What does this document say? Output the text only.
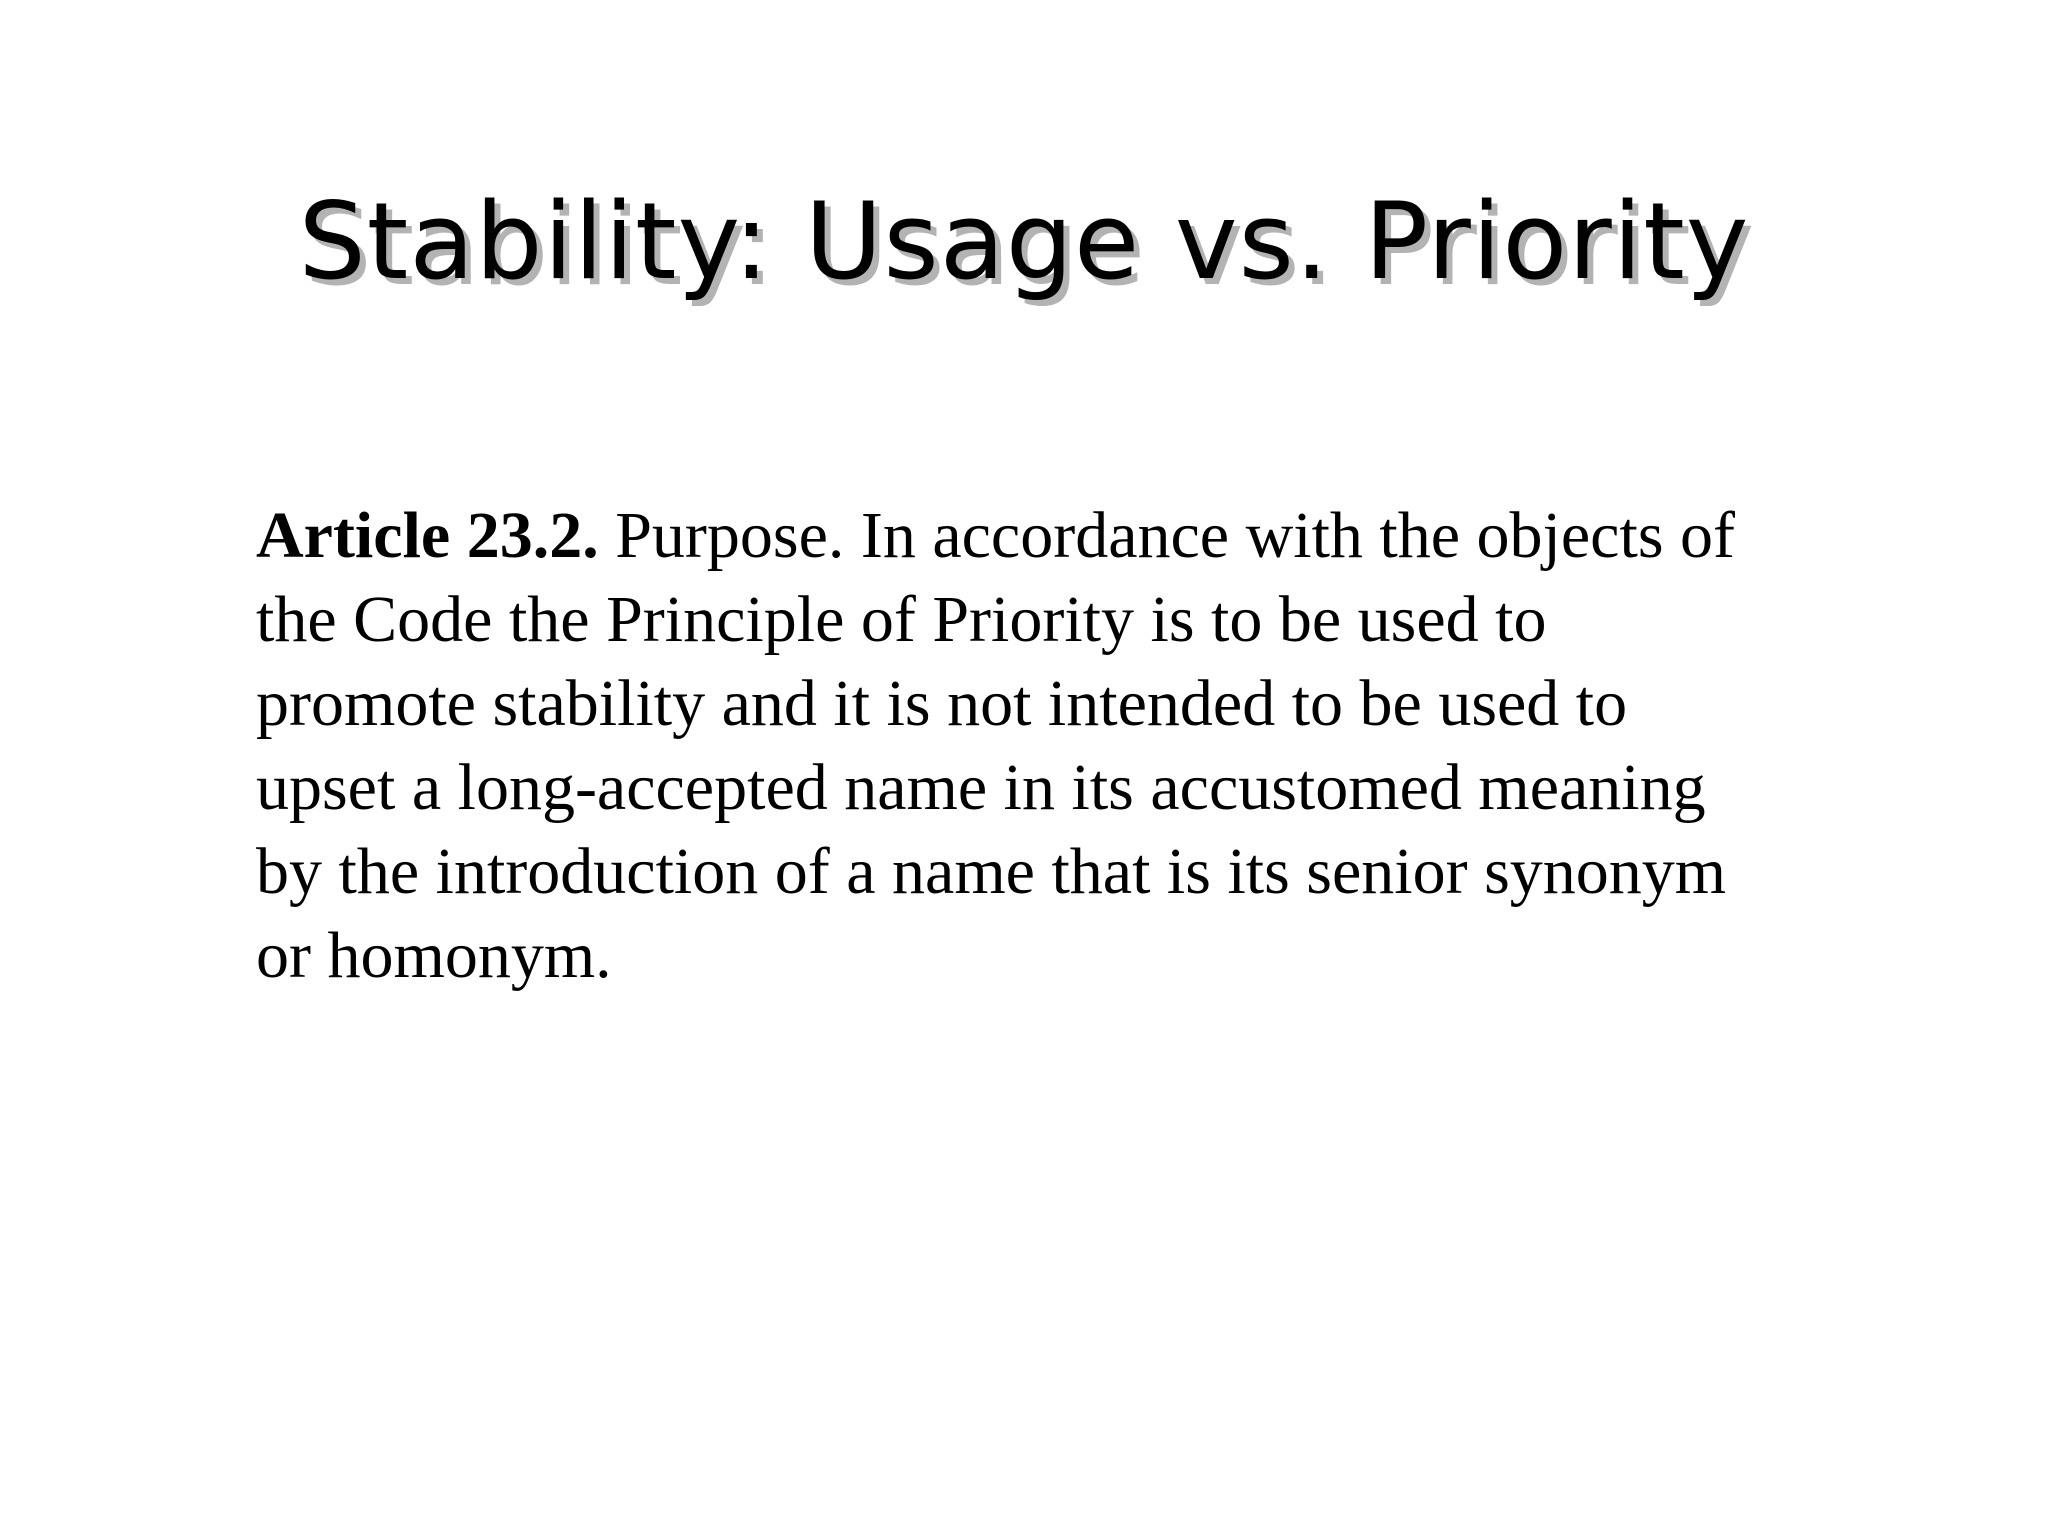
Stability: Usage vs. Priority

Article 23.2. Purpose. In accordance with the objects of the Code the Principle of Priority is to be used to promote stability and it is not intended to be used to upset a long-accepted name in its accustomed meaning by the introduction of a name that is its senior synonym or homonym.
